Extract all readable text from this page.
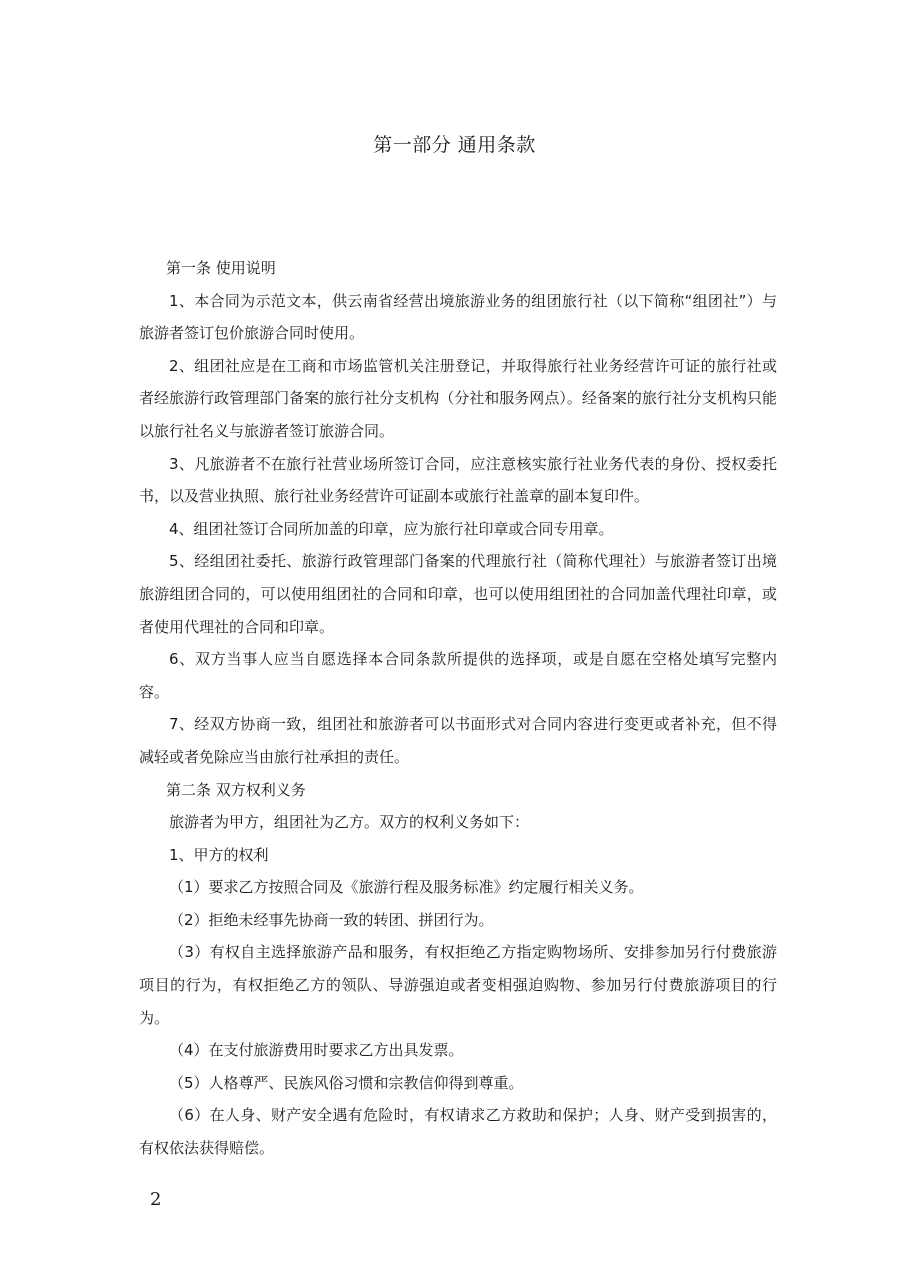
第一部分 通用条款

第一条 使用说明

1、本合同为示范文本，供云南省经营出境旅游业务的组团旅行社（以下简称“组团社”）与旅游者签订包价旅游合同时使用。

2、组团社应是在工商和市场监管机关注册登记，并取得旅行社业务经营许可证的旅行社或者经旅游行政管理部门备案的旅行社分支机构（分社和服务网点）。经备案的旅行社分支机构只能以旅行社名义与旅游者签订旅游合同。

3、凡旅游者不在旅行社营业场所签订合同，应注意核实旅行社业务代表的身份、授权委托书，以及营业执照、旅行社业务经营许可证副本或旅行社盖章的副本复印件。

4、组团社签订合同所加盖的印章，应为旅行社印章或合同专用章。

5、经组团社委托、旅游行政管理部门备案的代理旅行社（简称代理社）与旅游者签订出境旅游组团合同的，可以使用组团社的合同和印章，也可以使用组团社的合同加盖代理社印章，或者使用代理社的合同和印章。

6、双方当事人应当自愿选择本合同条款所提供的选择项，或是自愿在空格处填写完整内容。

7、经双方协商一致，组团社和旅游者可以书面形式对合同内容进行变更或者补充，但不得减轻或者免除应当由旅行社承担的责任。

第二条 双方权利义务

旅游者为甲方，组团社为乙方。双方的权利义务如下：

1、甲方的权利

（1）要求乙方按照合同及《旅游行程及服务标准》约定履行相关义务。

（2）拒绝未经事先协商一致的转团、拼团行为。

（3）有权自主选择旅游产品和服务，有权拒绝乙方指定购物场所、安排参加另行付费旅游项目的行为，有权拒绝乙方的领队、导游强迫或者变相强迫购物、参加另行付费旅游项目的行为。

（4）在支付旅游费用时要求乙方出具发票。

（5）人格尊严、民族风俗习惯和宗教信仰得到尊重。

（6）在人身、财产安全遇有危险时，有权请求乙方救助和保护；人身、财产受到损害的，有权依法获得赔偿。

2
